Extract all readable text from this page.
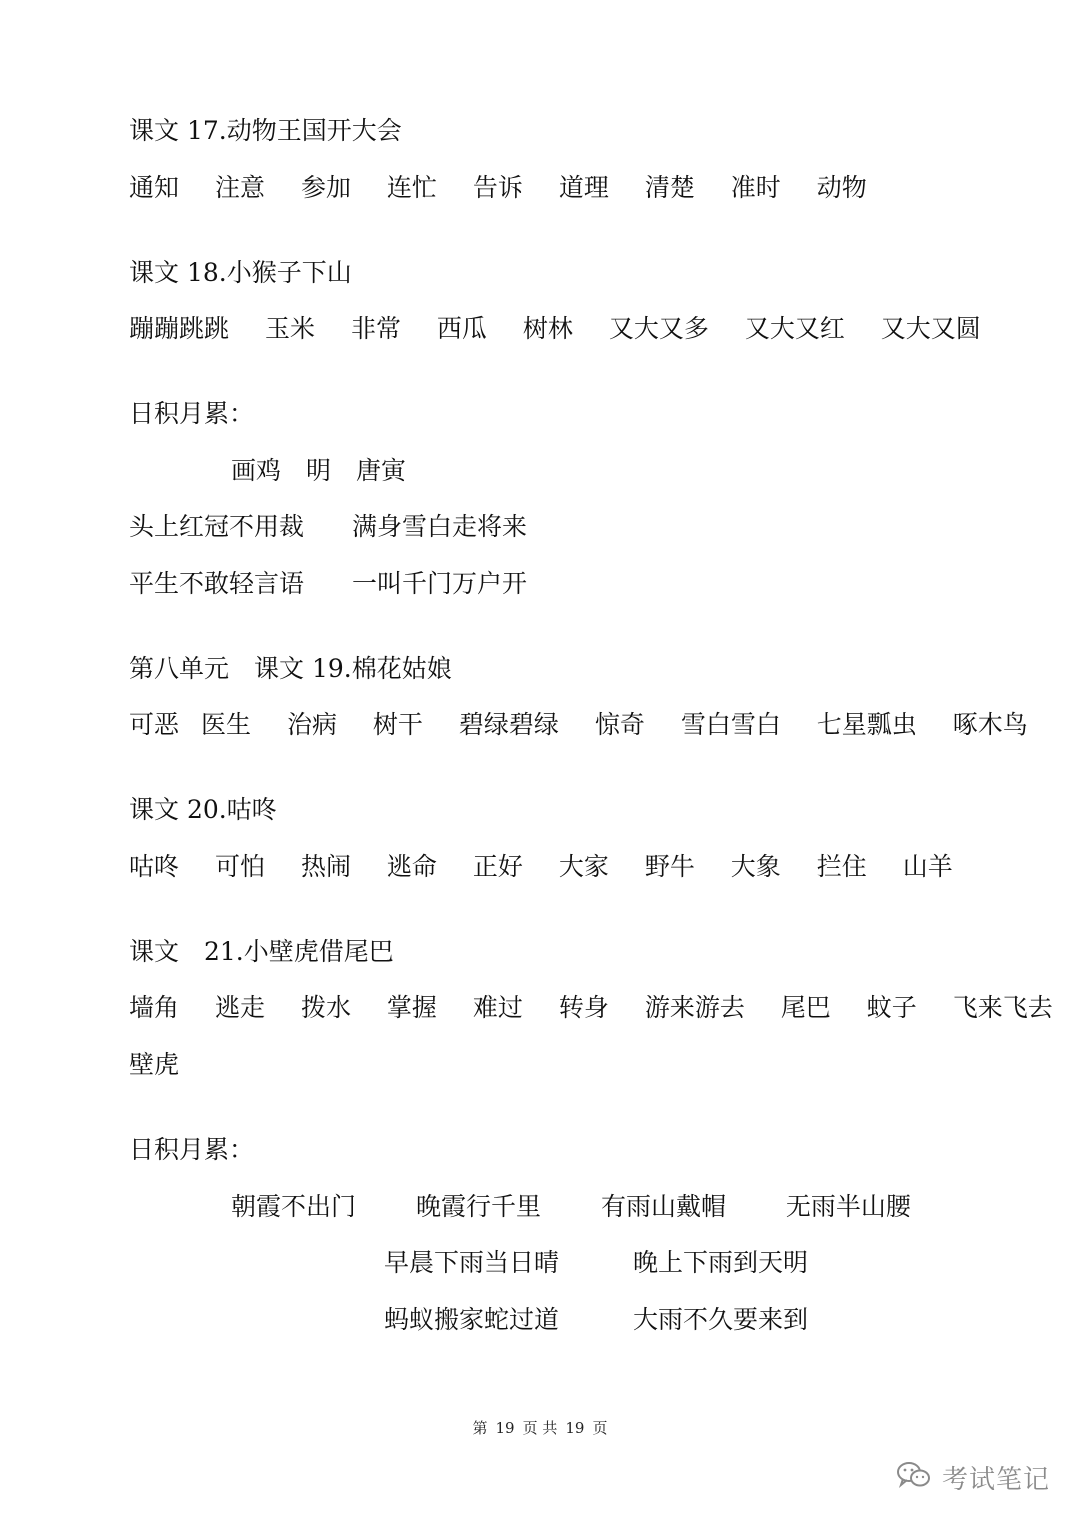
课文 17.动物王国开大会
通知 注意 参加 连忙 告诉 道理 清楚 准时 动物
课文 18.小猴子下山
蹦蹦跳跳 玉米 非常 西瓜 树林 又大又多 又大又红 又大又圆
日积月累：
画鸡　明　唐寅
头上红冠不用裁 满身雪白走将来
平生不敢轻言语 一叫千门万户开
第八单元　课文 19.棉花姑娘
可恶 医生 治病 树干 碧绿碧绿 惊奇 雪白雪白 七星瓢虫 啄木鸟
课文 20.咕咚
咕咚 可怕 热闹 逃命 正好 大家 野牛 大象 拦住 山羊
课文　21.小壁虎借尾巴
墙角 逃走 拨水 掌握 难过 转身 游来游去 尾巴 蚊子 飞来飞去
壁虎
日积月累：
朝霞不出门 晚霞行千里 有雨山戴帽 无雨半山腰
早晨下雨当日晴	晚上下雨到天明
蚂蚁搬家蛇过道	大雨不久要来到
第 19 页 共 19 页
考试笔记
